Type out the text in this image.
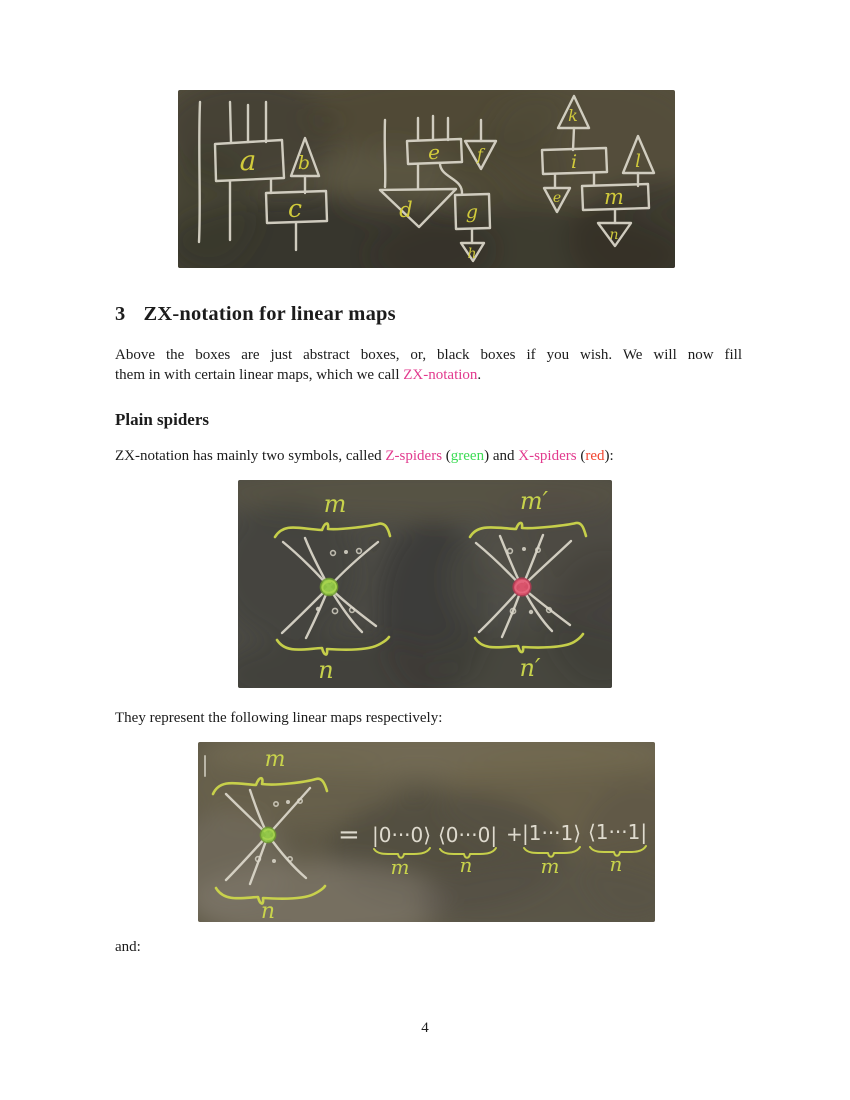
a b
c
e f
d	g
h
k
i	l
e m
n
3 ZX-notation for linear maps
Above the boxes are just abstract boxes, or, black boxes if you wish. We will now fill
them in with certain linear maps, which we call ZX-notation.
Plain spiders
ZX-notation has mainly two symbols, called Z-spiders (green) and X-spiders (red):
m
n
m′
n′
They represent the following linear maps respectively:
m
n
= |0···0⟩ ⟨0···0| + |1···1⟩ ⟨1···1|
m	n	m	n
and:
4
